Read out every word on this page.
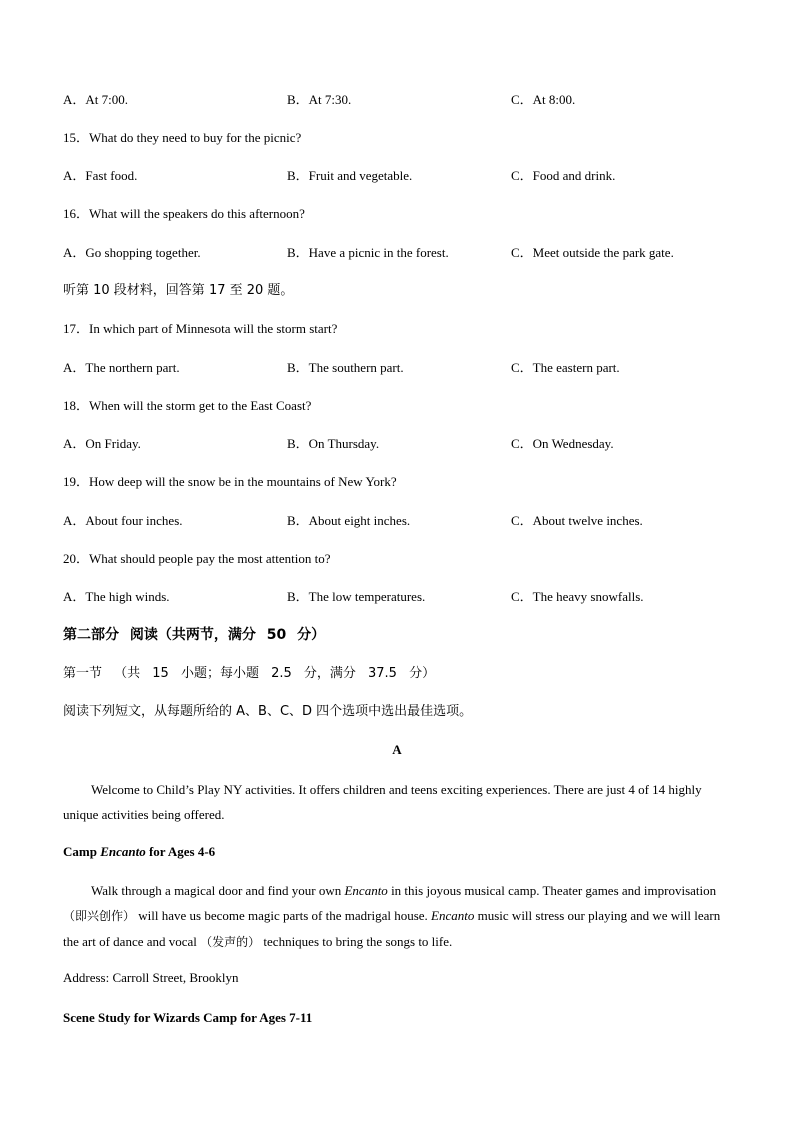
A．At 7:00.	B．At 7:30.	C．At 8:00.
15．What do they need to buy for the picnic?
A．Fast food.	B．Fruit and vegetable.	C．Food and drink.
16．What will the speakers do this afternoon?
A．Go shopping together.	B．Have a picnic in the forest.	C．Meet outside the park gate.
听第 10 段材料，回答第 17 至 20 题。
17．In which part of Minnesota will the storm start?
A．The northern part.	B．The southern part.	C．The eastern part.
18．When will the storm get to the East Coast?
A．On Friday.	B．On Thursday.	C．On Wednesday.
19．How deep will the snow be in the mountains of New York?
A．About four inches.	B．About eight inches.	C．About twelve inches.
20．What should people pay the most attention to?
A．The high winds.	B．The low temperatures.	C．The heavy snowfalls.
第二部分 阅读（共两节，满分 50 分）
第一节 （共 15 小题；每小题 2.5 分，满分 37.5 分）
阅读下列短文，从每题所给的 A、B、C、D 四个选项中选出最佳选项。
A
Welcome to Child’s Play NY activities. It offers children and teens exciting experiences. There are just 4 of 14 highly unique activities being offered.
Camp Encanto for Ages 4-6
Walk through a magical door and find your own Encanto in this joyous musical camp. Theater games and improvisation （即兴创作） will have us become magic parts of the madrigal house. Encanto music will stress our playing and we will learn the art of dance and vocal （发声的） techniques to bring the songs to life.
Address: Carroll Street, Brooklyn
Scene Study for Wizards Camp for Ages 7-11
